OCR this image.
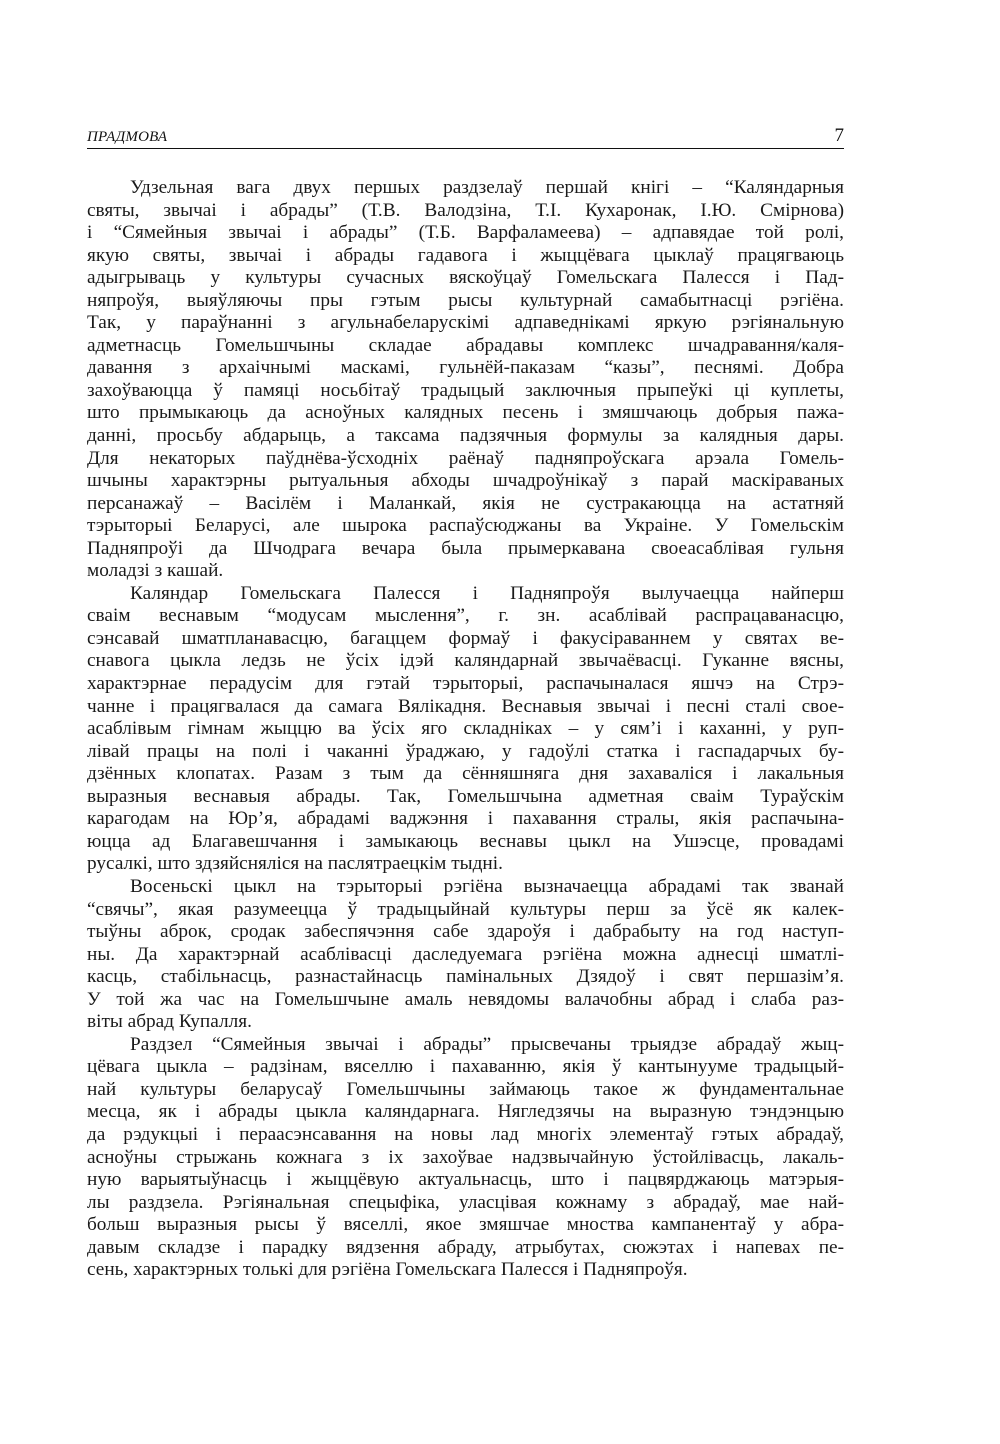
ПРАДМОВА	7
Удзельная вага двух першых раздзелаў першай кнігі – “Каляндарныя
святы, звычаі і абрады” (Т.В. Валодзіна, Т.І. Кухаронак, І.Ю. Смірнова)
і “Сямейныя звычаі і абрады” (Т.Б. Варфаламеева) – адпавядае той ролі,
якую святы, звычаі і абрады гадавога і жыццёвага цыклаў працягваюць
адыгрываць у культуры сучасных вяскоўцаў Гомельскага Палесся і Пад-
няпроўя, выяўляючы пры гэтым рысы культурнай самабытнасці рэгіёна.
Так, у параўнанні з агульнабеларускімі адпаведнікамі яркую рэгіянальную
адметнасць Гомельшчыны складае абрадавы комплекс шчадравання/каля-
давання з архаічнымі маскамі, гульнёй-паказам “казы”, песнямі. Добра
захоўваюцца ў памяці носьбітаў традыцый заключныя прыпеўкі ці куплеты,
што прымыкаюць да асноўных калядных песень і змяшчаюць добрыя пажа-
данні, просьбу абдарыць, а таксама падзячныя формулы за калядныя дары.
Для некаторых паўднёва-ўсходніх раёнаў падняпроўскага арэала Гомель-
шчыны характэрны рытуальныя абходы шчадроўнікаў з парай маскіраваных
персанажаў – Васілём і Маланкай, якія не сустракаюцца на астатняй
тэрыторыі Беларусі, але шырока распаўсюджаны ва Украіне. У Гомельскім
Падняпроўі да Шчодрага вечара была прымеркавана своеасаблівая гульня
моладзі з кашай.
Каляндар Гомельскага Палесся і Падняпроўя вылучаецца найперш
сваім веснавым “модусам мыслення”, г. зн. асаблівай распрацаванасцю,
сэнсавай шматпланавасцю, багаццем формаў і факусіраваннем у святах ве-
снавога цыкла ледзь не ўсіх ідэй каляндарнай звычаёвасці. Гуканне вясны,
характэрнае перадусім для гэтай тэрыторыі, распачыналася яшчэ на Стрэ-
чанне і працягвалася да самага Вялікадня. Веснавыя звычаі і песні сталі свое-
асаблівым гімнам жыццю ва ўсіх яго складніках – у сям’і і каханні, у руп-
лівай працы на полі і чаканні ўраджаю, у гадоўлі статка і гаспадарчых бу-
дзённых клопатах. Разам з тым да сённяшняга дня захаваліся і лакальныя
выразныя веснавыя абрады. Так, Гомельшчына адметная сваім Тураўскім
карагодам на Юр’я, абрадамі ваджэння і пахавання стралы, якія распачына-
юцца ад Благавешчання і замыкаюць веснавы цыкл на Ушэсце, провадамі
русалкі, што здзяйсняліся на паслятраецкім тыдні.
Восеньскі цыкл на тэрыторыі рэгіёна вызначаецца абрадамі так званай
“свячы”, якая разумеецца ў традыцыйнай культуры перш за ўсё як калек-
тыўны аброк, сродак забеспячэння сабе здароўя і дабрабыту на год наступ-
ны. Да характэрнай асаблівасці даследуемага рэгіёна можна аднесці шматлі-
касць, стабільнасць, разнастайнасць памінальных Дзядоў і свят першазім’я.
У той жа час на Гомельшчыне амаль невядомы валачобны абрад і слаба раз-
віты абрад Купалля.
Раздзел “Сямейныя звычаі і абрады” прысвечаны трыядзе абрадаў жыц-
цёвага цыкла – радзінам, вяселлю і пахаванню, якія ў кантынууме традыцый-
най культуры беларусаў Гомельшчыны займаюць такое ж фундаментальнае
месца, як і абрады цыкла каляндарнага. Нягледзячы на выразную тэндэнцыю
да рэдукцыі і пераасэнсавання на новы лад многіх элементаў гэтых абрадаў,
асноўны стрыжань кожнага з іх захоўвае надзвычайную ўстойлівасць, лакаль-
ную варыятыўнасць і жыццёвую актуальнасць, што і пацвярджаюць матэрыя-
лы раздзела. Рэгіянальная спецыфіка, уласцівая кожнаму з абрадаў, мае най-
больш выразныя рысы ў вяселлі, якое змяшчае мноства кампанентаў у абра-
давым складзе і парадку вядзення абраду, атрыбутах, сюжэтах і напевах пе-
сень, характэрных толькі для рэгіёна Гомельскага Палесся і Падняпроўя.
